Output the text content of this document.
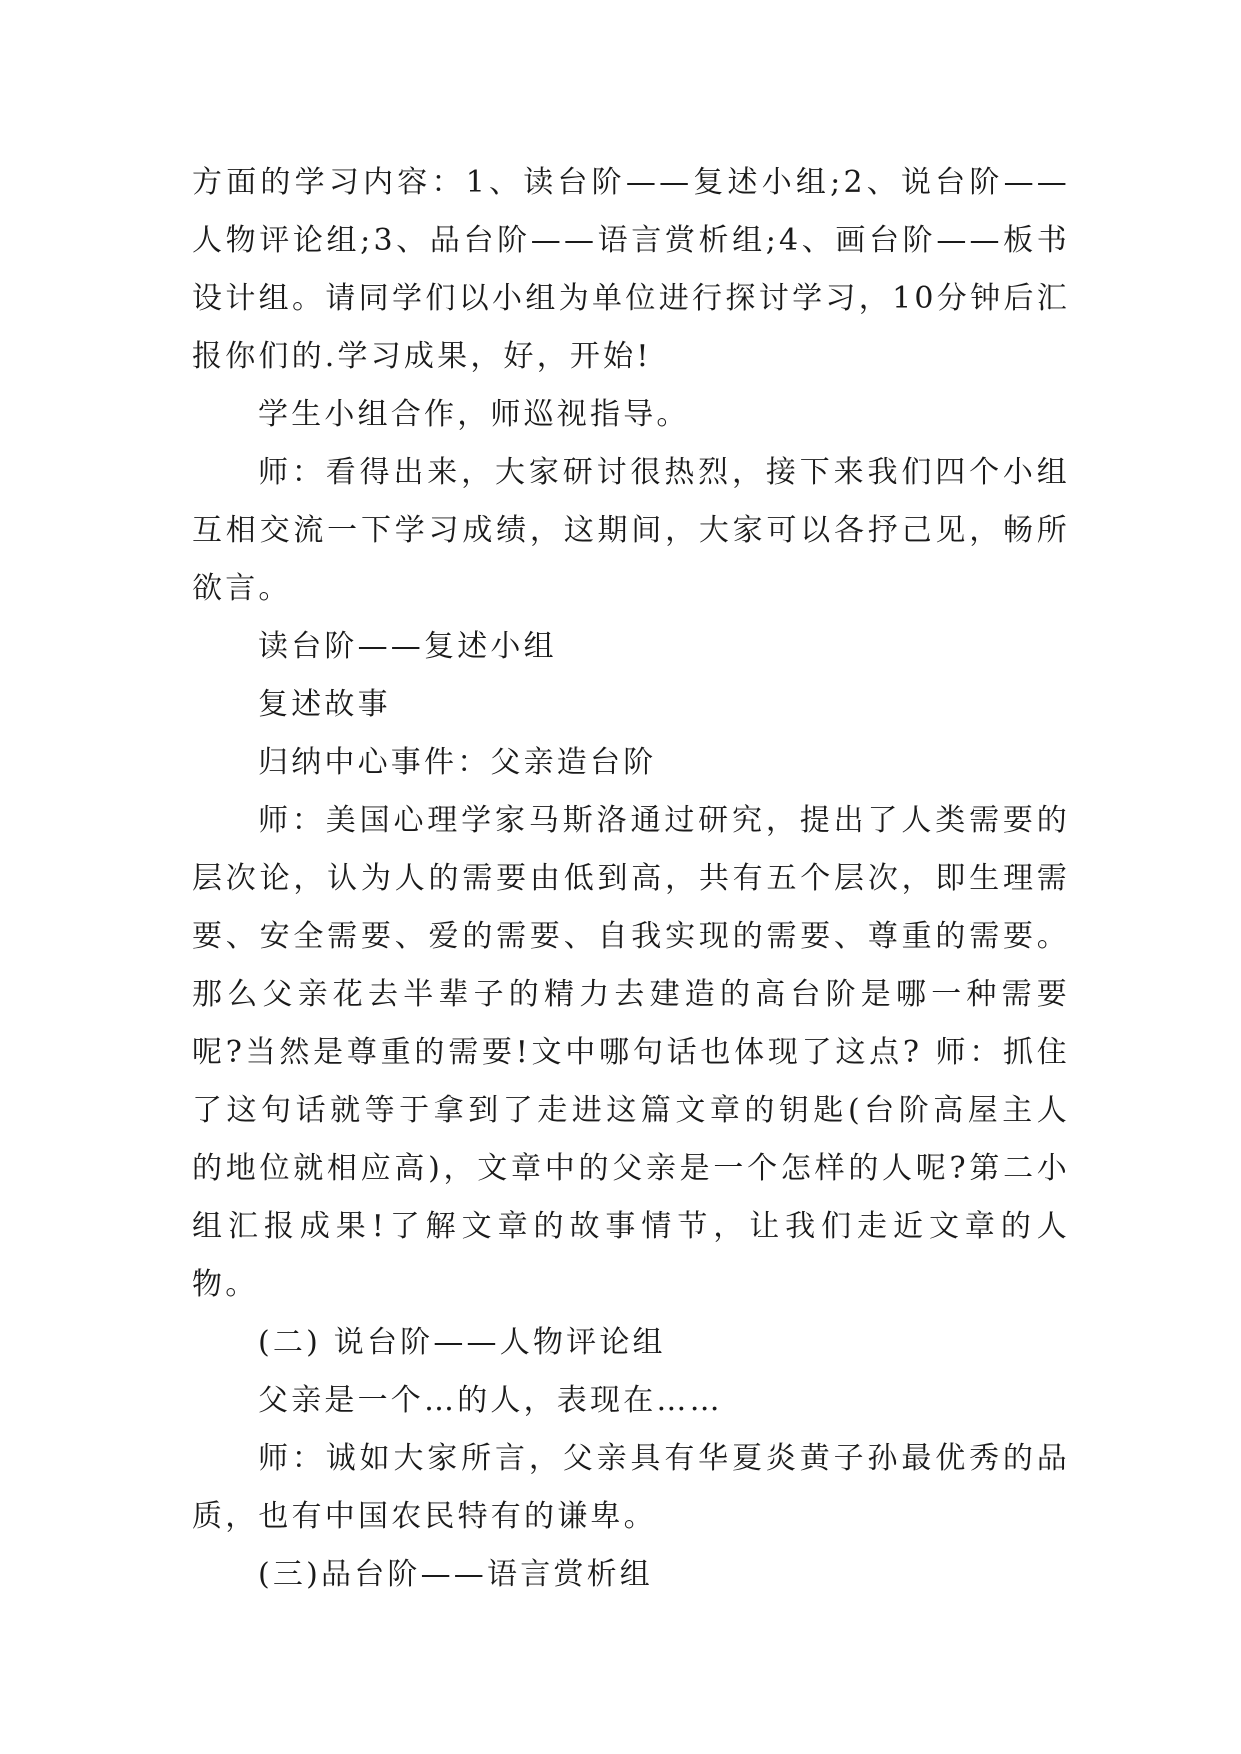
方面的学习内容：1、读台阶——复述小组;2、说台阶——人物评论组;3、品台阶——语言赏析组;4、画台阶——板书设计组。请同学们以小组为单位进行探讨学习，10分钟后汇报你们的.学习成果，好，开始!

学生小组合作，师巡视指导。

师：看得出来，大家研讨很热烈，接下来我们四个小组互相交流一下学习成绩，这期间，大家可以各抒己见，畅所欲言。

读台阶——复述小组

复述故事

归纳中心事件：父亲造台阶

师：美国心理学家马斯洛通过研究，提出了人类需要的层次论，认为人的需要由低到高，共有五个层次，即生理需要、安全需要、爱的需要、自我实现的需要、尊重的需要。那么父亲花去半辈子的精力去建造的高台阶是哪一种需要呢?当然是尊重的需要!文中哪句话也体现了这点? 师：抓住了这句话就等于拿到了走进这篇文章的钥匙(台阶高屋主人的地位就相应高)，文章中的父亲是一个怎样的人呢?第二小组汇报成果!了解文章的故事情节，让我们走近文章的人物。

(二) 说台阶——人物评论组

父亲是一个…的人，表现在……

师：诚如大家所言，父亲具有华夏炎黄子孙最优秀的品质，也有中国农民特有的谦卑。

(三)品台阶——语言赏析组
